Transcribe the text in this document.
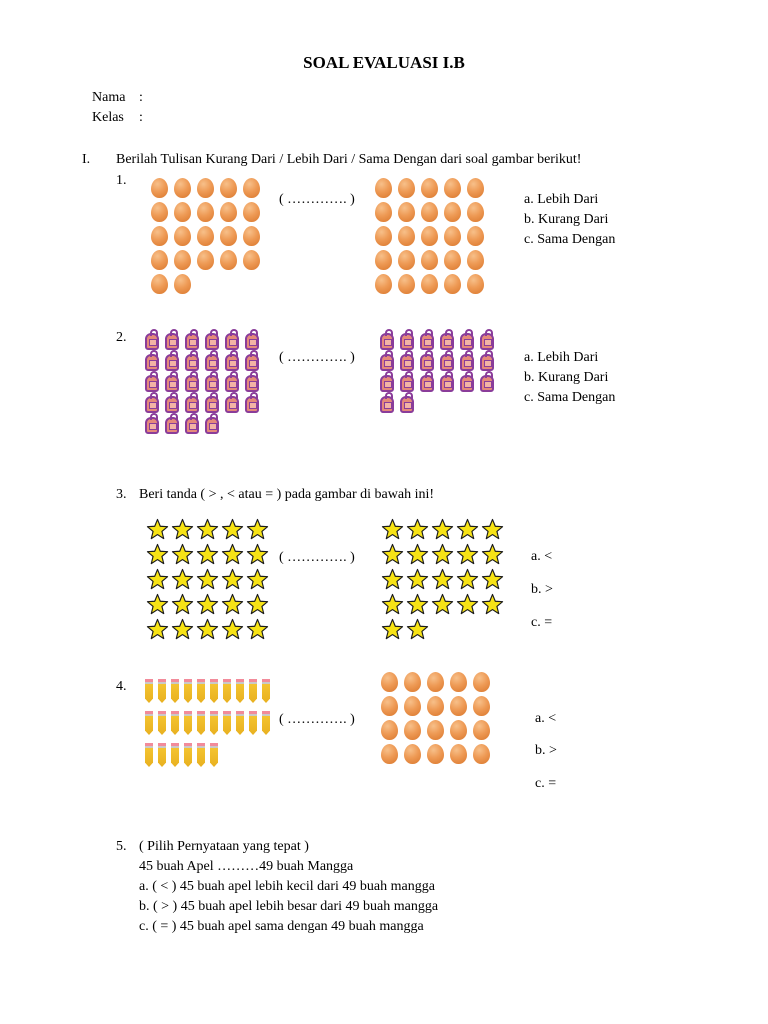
SOAL EVALUASI I.B
Nama :
Kelas :
I. Berilah Tulisan Kurang Dari / Lebih Dari / Sama Dengan dari soal gambar berikut!
1.
( …………. )	a. Lebih Dari
b. Kurang Dari
c. Sama Dengan
2.
( …………. )	a. Lebih Dari
b. Kurang Dari
c. Sama Dengan
3. Beri tanda ( > , < atau = ) pada gambar di bawah ini!
( …………. )	a. <
b. >
c. =
4.
( …………. )	a. <
b. >
c. =
5. ( Pilih Pernyataan yang tepat )
45 buah Apel ………49 buah Mangga
a. ( < ) 45 buah apel lebih kecil dari 49 buah mangga
b. ( > ) 45 buah apel lebih besar dari 49 buah mangga
c. ( = ) 45 buah apel sama dengan 49 buah mangga
